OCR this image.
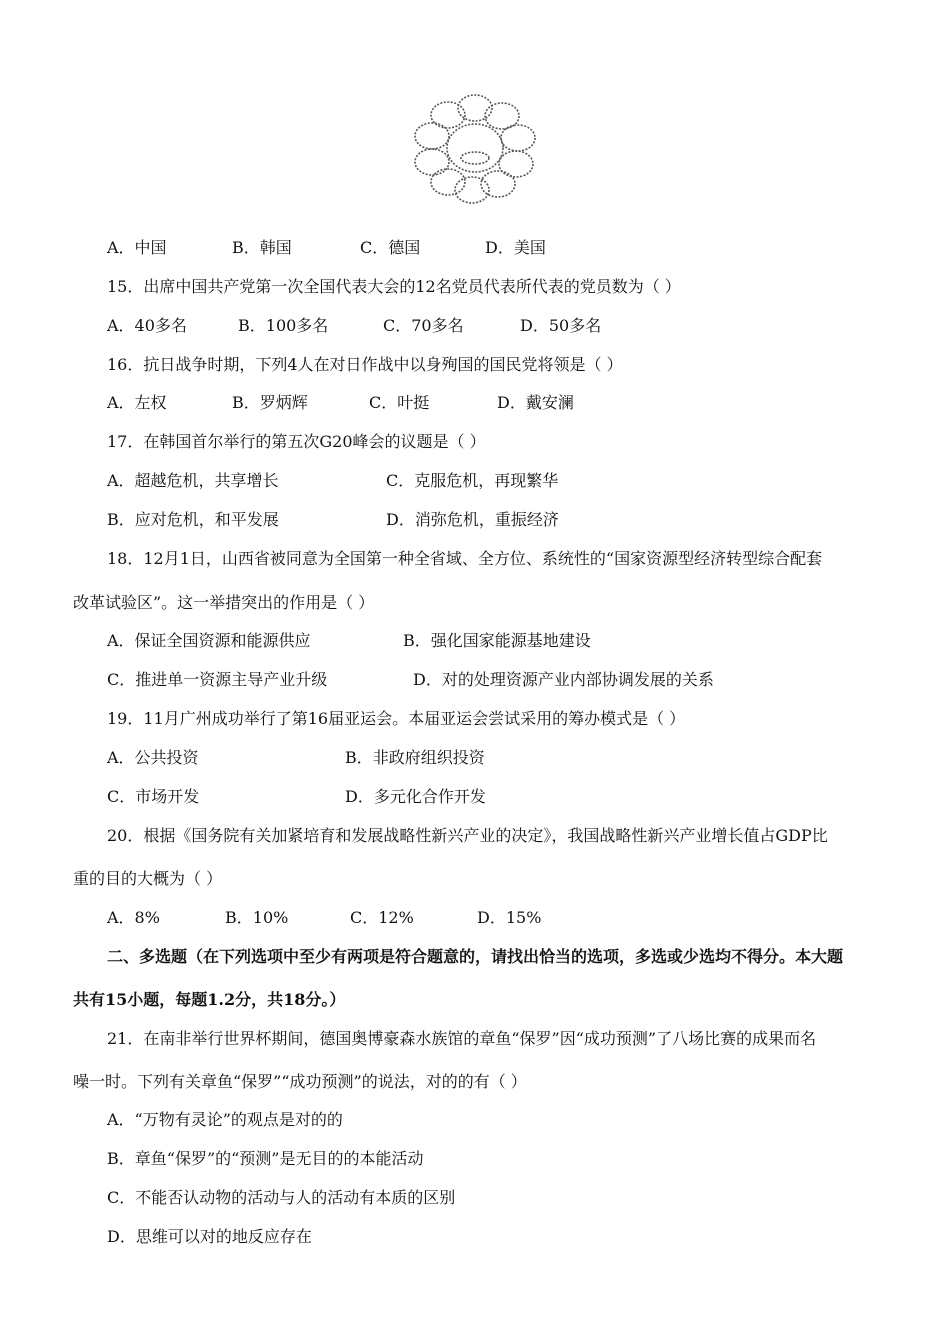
A．中国	B．韩国	C．德国	D．美国
15．出席中国共产党第一次全国代表大会的12名党员代表所代表的党员数为（ ）
A．40多名	B．100多名	C．70多名	D．50多名
16．抗日战争时期，下列4人在对日作战中以身殉国的国民党将领是（ ）
A．左权	B．罗炳辉	C．叶挺	D．戴安澜
17．在韩国首尔举行的第五次G20峰会的议题是（ ）
A．超越危机，共享增长	C．克服危机，再现繁华
B．应对危机，和平发展	D．消弥危机，重振经济
18．12月1日，山西省被同意为全国第一种全省域、全方位、系统性的“国家资源型经济转型综合配套
改革试验区”。这一举措突出的作用是（ ）
A．保证全国资源和能源供应	B．强化国家能源基地建设
C．推进单一资源主导产业升级	D．对的处理资源产业内部协调发展的关系
19．11月广州成功举行了第16届亚运会。本届亚运会尝试采用的筹办模式是（ ）
A．公共投资	B．非政府组织投资
C．市场开发	D．多元化合作开发
20．根据《国务院有关加紧培育和发展战略性新兴产业的决定》，我国战略性新兴产业增长值占GDP比
重的目的大概为（ ）
A．8%	B．10%	C．12%	D．15%
二、多选题（在下列选项中至少有两项是符合题意的，请找出恰当的选项，多选或少选均不得分。本大题
共有15小题，每题1.2分，共18分。）
21．在南非举行世界杯期间，德国奥博豪森水族馆的章鱼“保罗”因“成功预测”了八场比赛的成果而名
噪一时。下列有关章鱼“保罗”“成功预测”的说法，对的的有（ ）
A．“万物有灵论”的观点是对的的
B．章鱼“保罗”的“预测”是无目的的本能活动
C．不能否认动物的活动与人的活动有本质的区别
D．思维可以对的地反应存在
